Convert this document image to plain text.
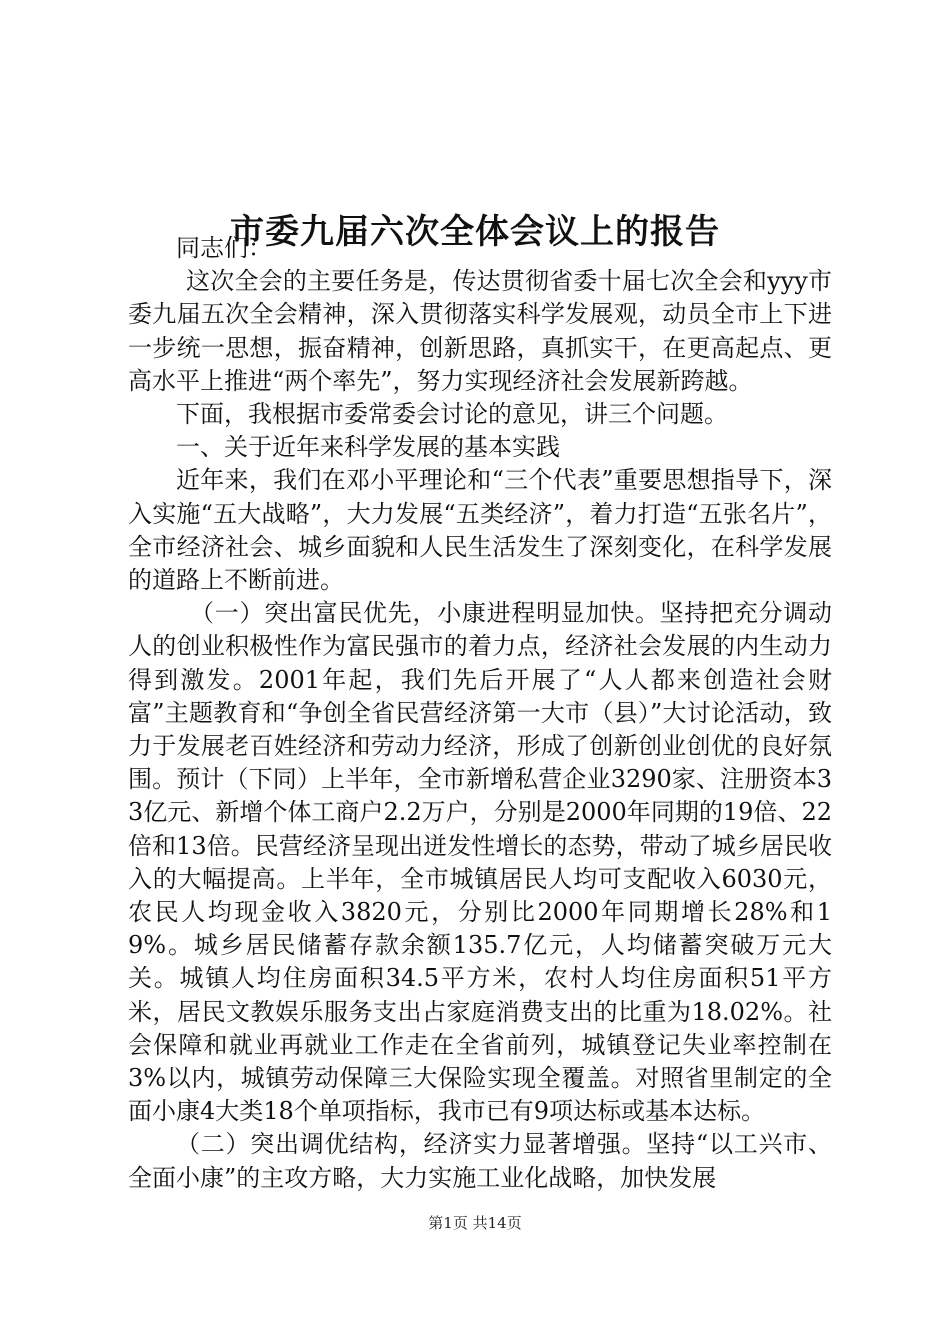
市委九届六次全体会议上的报告

同志们：

这次全会的主要任务是，传达贯彻省委十届七次全会和yyy市委九届五次全会精神，深入贯彻落实科学发展观，动员全市上下进一步统一思想，振奋精神，创新思路，真抓实干，在更高起点、更高水平上推进“两个率先”，努力实现经济社会发展新跨越。

下面，我根据市委常委会讨论的意见，讲三个问题。

一、关于近年来科学发展的基本实践

近年来，我们在邓小平理论和“三个代表”重要思想指导下，深入实施“五大战略”，大力发展“五类经济”，着力打造“五张名片”，全市经济社会、城乡面貌和人民生活发生了深刻变化，在科学发展的道路上不断前进。

（一）突出富民优先，小康进程明显加快。坚持把充分调动人的创业积极性作为富民强市的着力点，经济社会发展的内生动力得到激发。2001年起，我们先后开展了“人人都来创造社会财富”主题教育和“争创全省民营经济第一大市（县）”大讨论活动，致力于发展老百姓经济和劳动力经济，形成了创新创业创优的良好氛围。预计（下同）上半年，全市新增私营企业3290家、注册资本33亿元、新增个体工商户2.2万户，分别是2000年同期的19倍、22倍和13倍。民营经济呈现出迸发性增长的态势，带动了城乡居民收入的大幅提高。上半年，全市城镇居民人均可支配收入6030元，农民人均现金收入3820元，分别比2000年同期增长28%和19%。城乡居民储蓄存款余额135.7亿元，人均储蓄突破万元大关。城镇人均住房面积34.5平方米，农村人均住房面积51平方米，居民文教娱乐服务支出占家庭消费支出的比重为18.02%。社会保障和就业再就业工作走在全省前列，城镇登记失业率控制在3%以内，城镇劳动保障三大保险实现全覆盖。对照省里制定的全面小康4大类18个单项指标，我市已有9项达标或基本达标。

（二）突出调优结构，经济实力显著增强。坚持“以工兴市、全面小康”的主攻方略，大力实施工业化战略，加快发展

第1页 共14页
